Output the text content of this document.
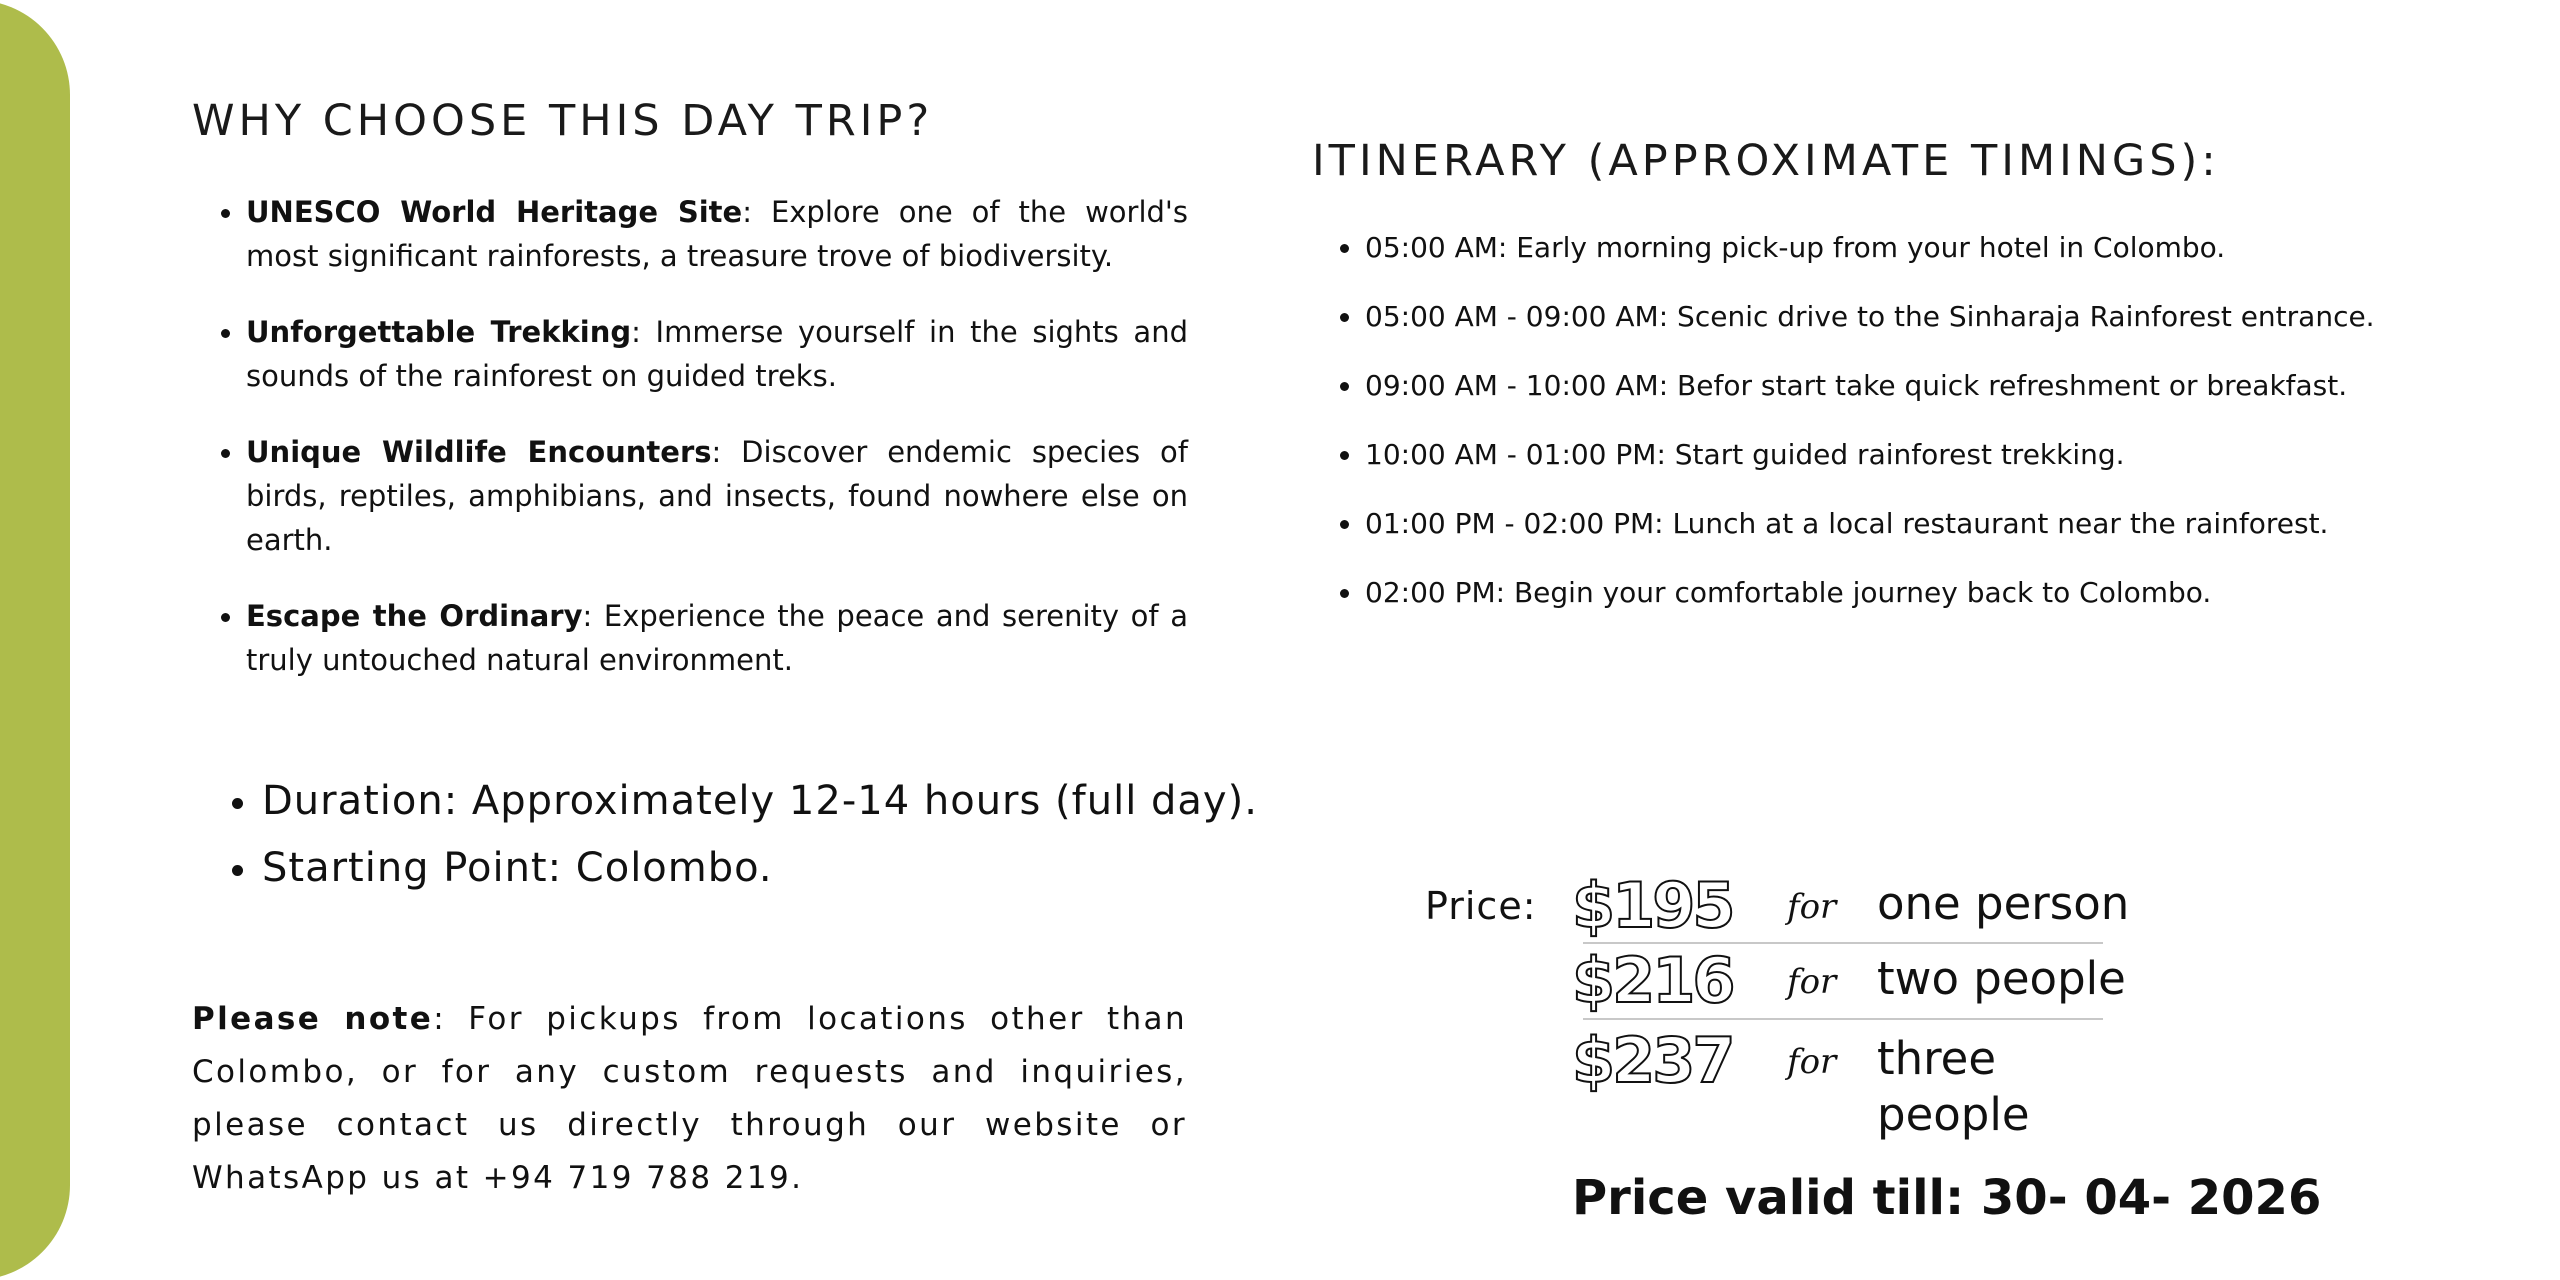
WHY CHOOSE THIS DAY TRIP?
UNESCO World Heritage Site: Explore one of the world's most significant rainforests, a treasure trove of biodiversity.
Unforgettable Trekking: Immerse yourself in the sights and sounds of the rainforest on guided treks.
Unique Wildlife Encounters: Discover endemic species of birds, reptiles, amphibians, and insects, found nowhere else on earth.
Escape the Ordinary: Experience the peace and serenity of a truly untouched natural environment.
Duration: Approximately 12-14 hours (full day).
Starting Point: Colombo.

Please note: For pickups from locations other than Colombo, or for any custom requests and inquiries, please contact us directly through our website or WhatsApp us at +94 719 788 219.

ITINERARY (APPROXIMATE TIMINGS):
05:00 AM: Early morning pick-up from your hotel in Colombo.
05:00 AM - 09:00 AM: Scenic drive to the Sinharaja Rainforest entrance.
09:00 AM - 10:00 AM: Befor start take quick refreshment or breakfast.
10:00 AM - 01:00 PM: Start guided rainforest trekking.
01:00 PM - 02:00 PM: Lunch at a local restaurant near the rainforest.
02:00 PM: Begin your comfortable journey back to Colombo.
Price: $195 for one person
$216 for two people
$237 for three people

Price valid till: 30- 04- 2026
